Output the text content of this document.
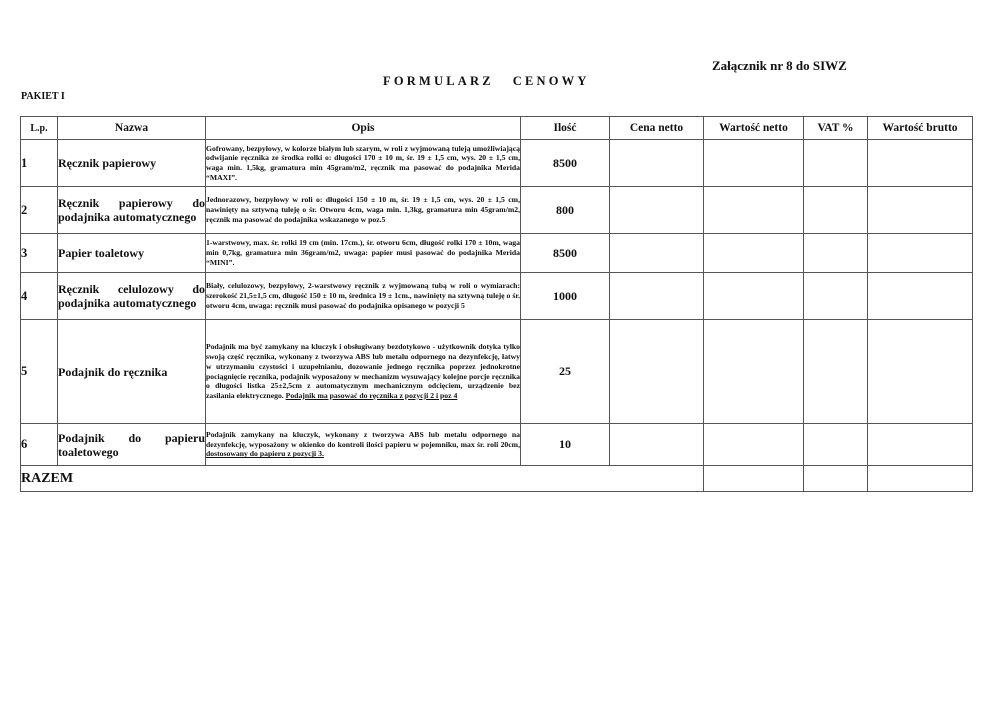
Załącznik nr 8 do SIWZ
FORMULARZ   CENOWY
PAKIET I
L.p.	Nazwa	Opis	Ilość	Cena netto	Wartość netto	VAT %	Wartość brutto
1	Ręcznik papierowy	Gofrowany, bezpyłowy, w kolorze białym lub szarym, w roli z wyjmowaną tuleją umożliwiającą odwijanie ręcznika ze środka rolki o: długości 170 ± 10 m, śr. 19 ± 1,5 cm, wys. 20 ± 1,5 cm, waga min. 1,5kg, gramatura min 45gram/m2, ręcznik ma pasować do podajnika Merida “MAXI”.	8500				
2	Ręcznik papierowy do podajnika automatycznego	Jednorazowy, bezpyłowy w roli o: długości 150 ± 10 m, śr. 19 ± 1,5 cm, wys. 20 ± 1,5 cm, nawinięty na sztywną tuleję o śr. Otworu 4cm, waga min. 1,3kg, gramatura min 45gram/m2, ręcznik ma pasować do podajnika wskazanego w poz.5	800				
3	Papier toaletowy	1-warstwowy, max. śr. rolki 19 cm (min. 17cm.), śr. otworu 6cm, długość rolki 170 ± 10m, waga min 0,7kg, gramatura min 36gram/m2, uwaga: papier musi pasować do podajnika Merida “MINI”.	8500				
4	Ręcznik celulozowy do podajnika automatycznego	Biały, celulozowy, bezpyłowy, 2-warstwowy ręcznik z wyjmowaną tubą w roli o wymiarach: szerokość 21,5±1,5 cm, długość 150 ± 10 m, średnica 19 ± 1cm., nawinięty na sztywną tuleję o śr. otworu 4cm, uwaga: ręcznik musi pasować do podajnika opisanego w pozycji 5	1000				
5	Podajnik do ręcznika	Podajnik ma być zamykany na kluczyk i obsługiwany bezdotykowo - użytkownik dotyka tylko swoją część ręcznika, wykonany z tworzywa ABS lub metalu odpornego na dezynfekcję, łatwy w utrzymaniu czystości i uzupełnianiu, dozowanie jednego ręcznika poprzez jednokrotne pociągnięcie ręcznika, podajnik wyposażony w mechanizm wysuwający kolejne porcje ręcznika o długości listka 25±2,5cm z automatycznym mechanicznym odcięciem, urządzenie bez zasilania elektrycznego. Podajnik ma pasować do ręcznika z pozycji 2 i poz 4	25				
6	Podajnik do papieru toaletowego	Podajnik zamykany na kluczyk, wykonany z tworzywa ABS lub metalu odpornego na dezynfekcję, wyposażony w okienko do kontroli ilości papieru w pojemniku, max śr. roli 20cm, dostosowany do papieru z pozycji 3.	10				
RAZEM							
